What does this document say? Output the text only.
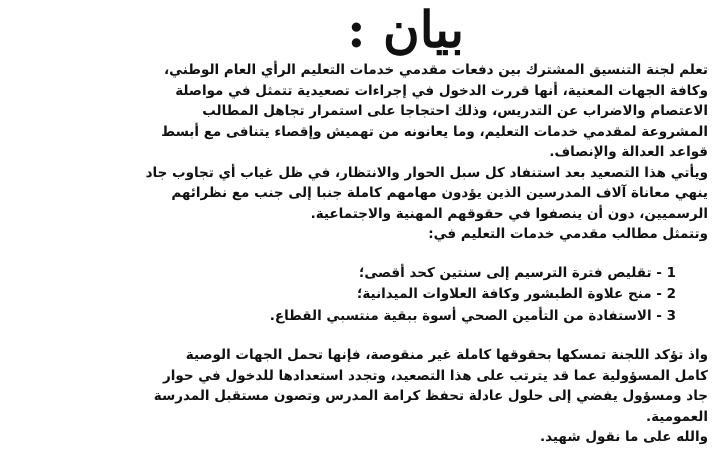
بيان :
تعلم لجنة التنسيق المشترك بين دفعات مقدمي خدمات التعليم الرأي العام الوطني،
وكافة الجهات المعنية، أنها قررت الدخول في إجراءات تصعيدية تتمثل في مواصلة
الاعتصام والاضراب عن التدريس، وذلك احتجاجا على استمرار تجاهل المطالب
المشروعة لمقدمي خدمات التعليم، وما يعانونه من تهميش وإقصاء يتنافى مع أبسط
قواعد العدالة والإنصاف.
ويأتي هذا التصعيد بعد استنفاد كل سبل الحوار والانتظار، في ظل غياب أي تجاوب جاد
ينهي معاناة آلاف المدرسين الذين يؤدون مهامهم كاملة جنبا إلى جنب مع نظرائهم
الرسميين، دون أن ينصفوا في حقوقهم المهنية والاجتماعية.
وتتمثل مطالب مقدمي خدمات التعليم في:
1 - تقليص فترة الترسيم إلى سنتين كحد أقصى؛
2 - منح علاوة الطبشور وكافة العلاوات الميدانية؛
3 - الاستفادة من التأمين الصحي أسوة ببقية منتسبي القطاع.
واذ تؤكد اللجنة تمسكها بحقوقها كاملة غير منقوصة، فإنها تحمل الجهات الوصية
كامل المسؤولية عما قد يترتب على هذا التصعيد، وتجدد استعدادها للدخول في حوار
جاد ومسؤول يفضي إلى حلول عادلة تحفظ كرامة المدرس وتصون مستقبل المدرسة
العمومية.
والله على ما نقول شهيد.
